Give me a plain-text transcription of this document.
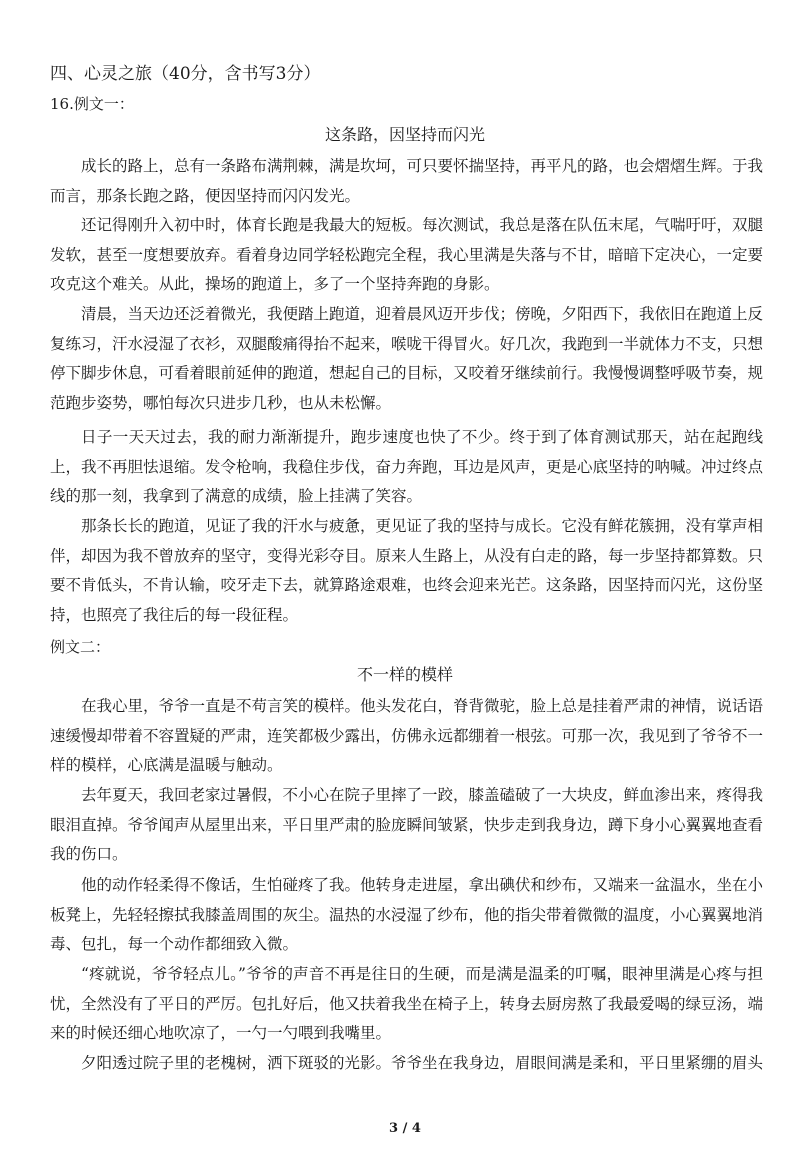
四、心灵之旅（40分，含书写3分）
16.例文一：
这条路，因坚持而闪光

成长的路上，总有一条路布满荆棘，满是坎坷，可只要怀揣坚持，再平凡的路，也会熠熠生辉。于我而言，那条长跑之路，便因坚持而闪闪发光。

还记得刚升入初中时，体育长跑是我最大的短板。每次测试，我总是落在队伍末尾，气喘吁吁，双腿发软，甚至一度想要放弃。看着身边同学轻松跑完全程，我心里满是失落与不甘，暗暗下定决心，一定要攻克这个难关。从此，操场的跑道上，多了一个坚持奔跑的身影。

清晨，当天边还泛着微光，我便踏上跑道，迎着晨风迈开步伐；傍晚，夕阳西下，我依旧在跑道上反复练习，汗水浸湿了衣衫，双腿酸痛得抬不起来，喉咙干得冒火。好几次，我跑到一半就体力不支，只想停下脚步休息，可看着眼前延伸的跑道，想起自己的目标，又咬着牙继续前行。我慢慢调整呼吸节奏，规范跑步姿势，哪怕每次只进步几秒，也从未松懈。

日子一天天过去，我的耐力渐渐提升，跑步速度也快了不少。终于到了体育测试那天，站在起跑线上，我不再胆怯退缩。发令枪响，我稳住步伐，奋力奔跑，耳边是风声，更是心底坚持的呐喊。冲过终点线的那一刻，我拿到了满意的成绩，脸上挂满了笑容。

那条长长的跑道，见证了我的汗水与疲惫，更见证了我的坚持与成长。它没有鲜花簇拥，没有掌声相伴，却因为我不曾放弃的坚守，变得光彩夺目。原来人生路上，从没有白走的路，每一步坚持都算数。只要不肯低头，不肯认输，咬牙走下去，就算路途艰难，也终会迎来光芒。这条路，因坚持而闪光，这份坚持，也照亮了我往后的每一段征程。

例文二：
不一样的模样

在我心里，爷爷一直是不苟言笑的模样。他头发花白，脊背微驼，脸上总是挂着严肃的神情，说话语速缓慢却带着不容置疑的严肃，连笑都极少露出，仿佛永远都绷着一根弦。可那一次，我见到了爷爷不一样的模样，心底满是温暖与触动。

去年夏天，我回老家过暑假，不小心在院子里摔了一跤，膝盖磕破了一大块皮，鲜血渗出来，疼得我眼泪直掉。爷爷闻声从屋里出来，平日里严肃的脸庞瞬间皱紧，快步走到我身边，蹲下身小心翼翼地查看我的伤口。

他的动作轻柔得不像话，生怕碰疼了我。他转身走进屋，拿出碘伏和纱布，又端来一盆温水，坐在小板凳上，先轻轻擦拭我膝盖周围的灰尘。温热的水浸湿了纱布，他的指尖带着微微的温度，小心翼翼地消毒、包扎，每一个动作都细致入微。

“疼就说，爷爷轻点儿。”爷爷的声音不再是往日的生硬，而是满是温柔的叮嘱，眼神里满是心疼与担忧，全然没有了平日的严厉。包扎好后，他又扶着我坐在椅子上，转身去厨房熬了我最爱喝的绿豆汤，端来的时候还细心地吹凉了，一勺一勺喂到我嘴里。

夕阳透过院子里的老槐树，洒下斑驳的光影。爷爷坐在我身边，眉眼间满是柔和，平日里紧绷的眉头

3 / 4
